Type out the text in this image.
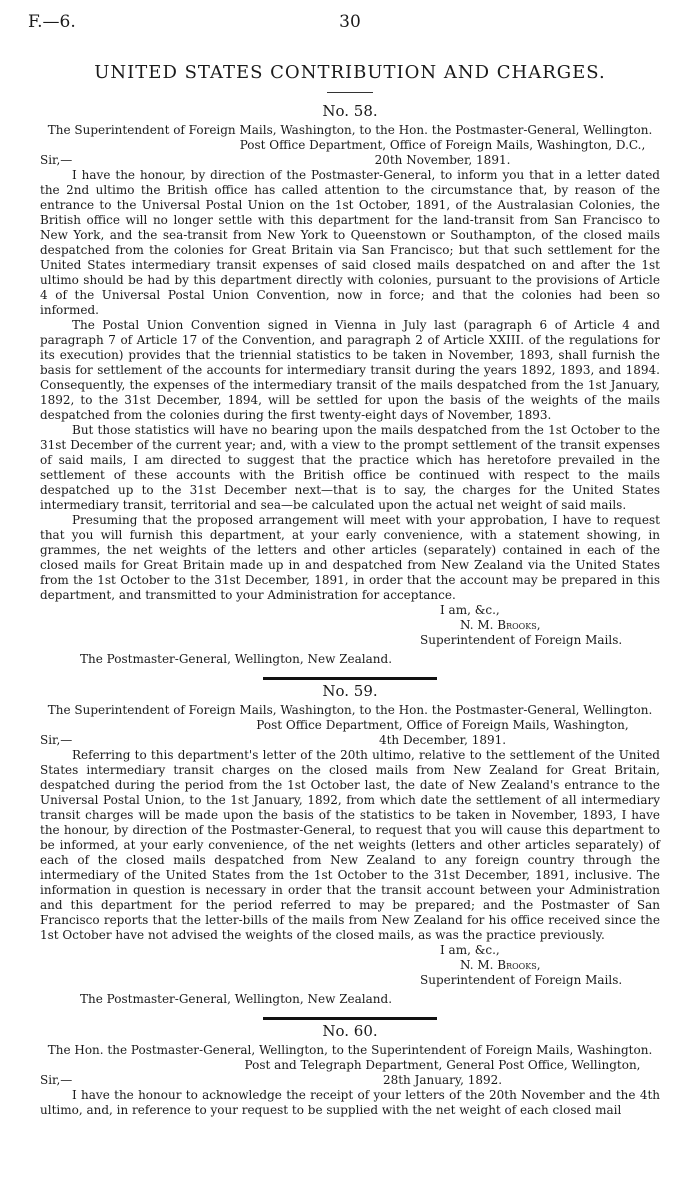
F.—6.	30
UNITED STATES CONTRIBUTION AND CHARGES.
No. 58.
The Superintendent of Foreign Mails, Washington, to the Hon. the Postmaster-General, Wellington.
Post Office Department, Office of Foreign Mails, Washington, D.C.,
20th November, 1891.
Sir,—

I have the honour, by direction of the Postmaster-General, to inform you that in a letter dated the 2nd ultimo the British office has called attention to the circumstance that, by reason of the entrance to the Universal Postal Union on the 1st October, 1891, of the Australasian Colonies, the British office will no longer settle with this department for the land-transit from San Francisco to New York, and the sea-transit from New York to Queenstown or Southampton, of the closed mails despatched from the colonies for Great Britain via San Francisco; but that such settlement for the United States intermediary transit expenses of said closed mails despatched on and after the 1st ultimo should be had by this department directly with colonies, pursuant to the provisions of Article 4 of the Universal Postal Union Convention, now in force; and that the colonies had been so informed.

The Postal Union Convention signed in Vienna in July last (paragraph 6 of Article 4 and paragraph 7 of Article 17 of the Convention, and paragraph 2 of Article XXIII. of the regulations for its execution) provides that the triennial statistics to be taken in November, 1893, shall furnish the basis for settlement of the accounts for intermediary transit during the years 1892, 1893, and 1894. Consequently, the expenses of the intermediary transit of the mails despatched from the 1st January, 1892, to the 31st December, 1894, will be settled for upon the basis of the weights of the mails despatched from the colonies during the first twenty-eight days of November, 1893.

But those statistics will have no bearing upon the mails despatched from the 1st October to the 31st December of the current year; and, with a view to the prompt settlement of the transit expenses of said mails, I am directed to suggest that the practice which has heretofore prevailed in the settlement of these accounts with the British office be continued with respect to the mails despatched up to the 31st December next—that is to say, the charges for the United States intermediary transit, territorial and sea—be calculated upon the actual net weight of said mails.

Presuming that the proposed arrangement will meet with your approbation, I have to request that you will furnish this department, at your early convenience, with a statement showing, in grammes, the net weights of the letters and other articles (separately) contained in each of the closed mails for Great Britain made up in and despatched from New Zealand via the United States from the 1st October to the 31st December, 1891, in order that the account may be prepared in this department, and transmitted to your Administration for acceptance.

I am, &c.,
N. M. Brooks,
Superintendent of Foreign Mails.
The Postmaster-General, Wellington, New Zealand.
No. 59.
The Superintendent of Foreign Mails, Washington, to the Hon. the Postmaster-General, Wellington.
Post Office Department, Office of Foreign Mails, Washington,
4th December, 1891.
Sir,—

Referring to this department's letter of the 20th ultimo, relative to the settlement of the United States intermediary transit charges on the closed mails from New Zealand for Great Britain, despatched during the period from the 1st October last, the date of New Zealand's entrance to the Universal Postal Union, to the 1st January, 1892, from which date the settlement of all intermediary transit charges will be made upon the basis of the statistics to be taken in November, 1893, I have the honour, by direction of the Postmaster-General, to request that you will cause this department to be informed, at your early convenience, of the net weights (letters and other articles separately) of each of the closed mails despatched from New Zealand to any foreign country through the intermediary of the United States from the 1st October to the 31st December, 1891, inclusive. The information in question is necessary in order that the transit account between your Administration and this department for the period referred to may be prepared; and the Postmaster of San Francisco reports that the letter-bills of the mails from New Zealand for his office received since the 1st October have not advised the weights of the closed mails, as was the practice previously.

I am, &c.,
N. M. Brooks,
Superintendent of Foreign Mails.
The Postmaster-General, Wellington, New Zealand.
No. 60.
The Hon. the Postmaster-General, Wellington, to the Superintendent of Foreign Mails, Washington.
Post and Telegraph Department, General Post Office, Wellington,
28th January, 1892.
Sir,—

I have the honour to acknowledge the receipt of your letters of the 20th November and the 4th ultimo, and, in reference to your request to be supplied with the net weight of each closed mail
